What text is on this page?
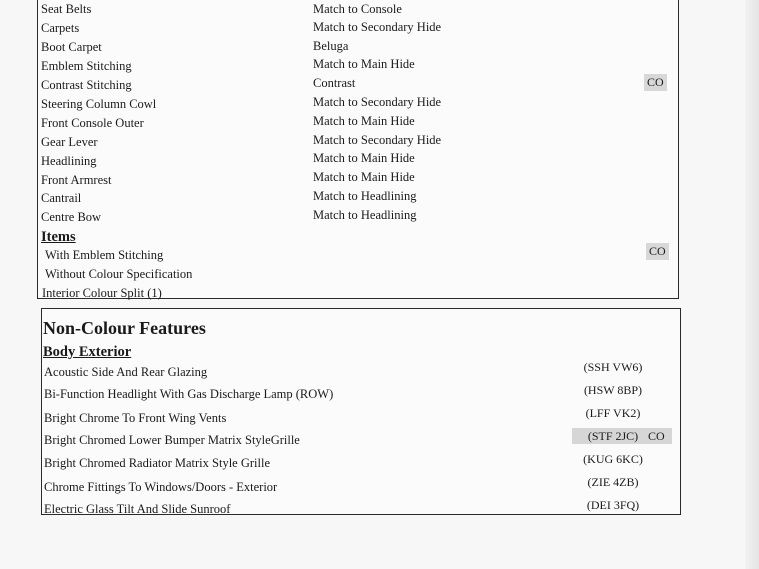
Seat Belts	Match to Console
Carpets	Match to Secondary Hide
Boot Carpet	Beluga
Emblem Stitching	Match to Main Hide
Contrast Stitching	Contrast	CO
Steering Column Cowl	Match to Secondary Hide
Front Console Outer	Match to Main Hide
Gear Lever	Match to Secondary Hide
Headlining	Match to Main Hide
Front Armrest	Match to Main Hide
Cantrail	Match to Headlining
Centre Bow	Match to Headlining
Items
With Emblem Stitching	CO
Without Colour Specification
Interior Colour Split (1)
Non-Colour Features
Body Exterior
Acoustic Side And Rear Glazing	(SSH VW6)
Bi-Function Headlight With Gas Discharge Lamp (ROW)	(HSW 8BP)
Bright Chrome To Front Wing Vents	(LFF VK2)
Bright Chromed Lower Bumper Matrix StyleGrille	(STF 2JC) CO
Bright Chromed Radiator Matrix Style Grille	(KUG 6KC)
Chrome Fittings To Windows/Doors - Exterior	(ZIE 4ZB)
Electric Glass Tilt And Slide Sunroof	(DEI 3FQ)
